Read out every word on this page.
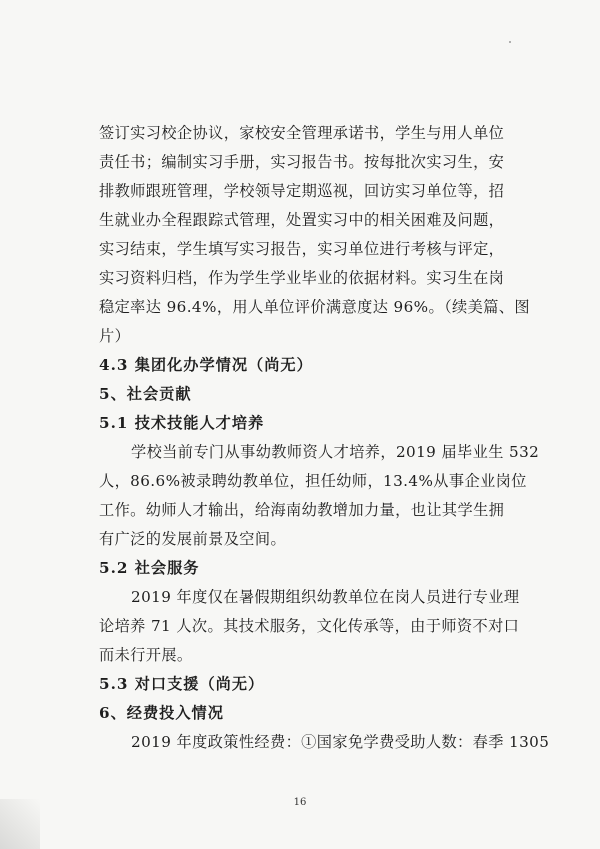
签订实习校企协议，家校安全管理承诺书，学生与用人单位
责任书；编制实习手册，实习报告书。按每批次实习生，安
排教师跟班管理，学校领导定期巡视，回访实习单位等，招
生就业办全程跟踪式管理，处置实习中的相关困难及问题，
实习结束，学生填写实习报告，实习单位进行考核与评定，
实习资料归档，作为学生学业毕业的依据材料。实习生在岗
稳定率达 96.4%，用人单位评价满意度达 96%。（续美篇、图
片）
4.3 集团化办学情况（尚无）
5、社会贡献
5.1 技术技能人才培养
学校当前专门从事幼教师资人才培养，2019 届毕业生 532
人，86.6%被录聘幼教单位，担任幼师，13.4%从事企业岗位
工作。幼师人才输出，给海南幼教增加力量，也让其学生拥
有广泛的发展前景及空间。
5.2 社会服务
2019 年度仅在暑假期组织幼教单位在岗人员进行专业理
论培养 71 人次。其技术服务，文化传承等，由于师资不对口
而未行开展。
5.3 对口支援（尚无）
6、经费投入情况
2019 年度政策性经费：①国家免学费受助人数：春季 1305
16
